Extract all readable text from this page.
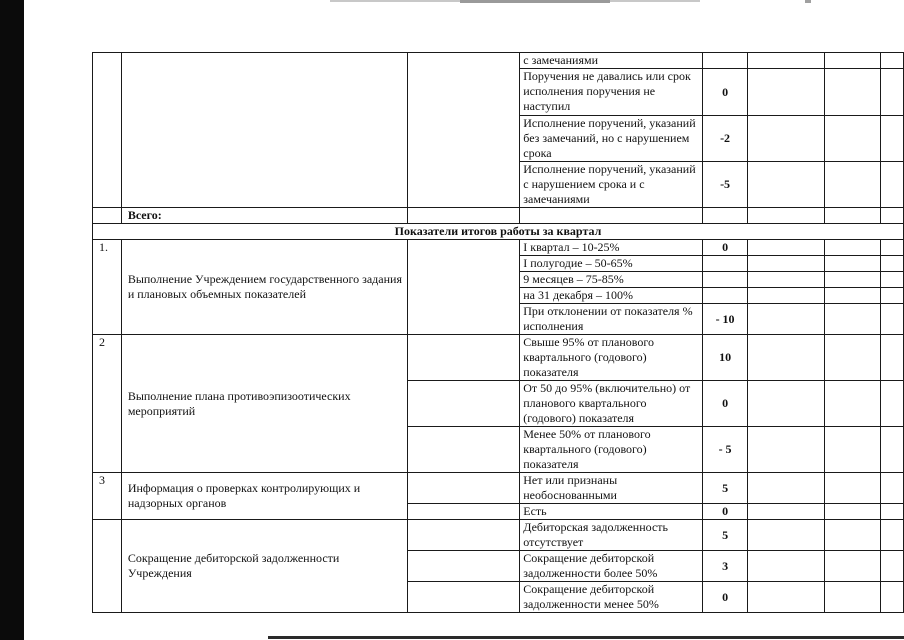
			с замечаниями				
			Поручения не давались или срок исполнения поручения не наступил	0			
			Исполнение поручений, указаний без замечаний, но с нарушением срока	-2			
			Исполнение поручений, указаний с нарушением срока и с замечаниями	-5			
	Всего:						
Показатели итогов работы за квартал							
1.	Выполнение Учреждением государственного задания и плановых объемных показателей		I квартал – 10-25%	0			
			I полугодие – 50-65%				
			9 месяцев – 75-85%				
			на 31 декабря – 100%				
			При отклонении от показателя % исполнения	- 10			
2	Выполнение плана противоэпизоотических мероприятий		Свыше 95% от планового квартального (годового) показателя	10			
			От 50 до 95% (включительно) от планового квартального (годового) показателя	0			
			Менее 50% от планового квартального (годового) показателя	- 5			
3	Информация о проверках контролирующих и надзорных органов		Нет или признаны необоснованными	5			
			Есть	0			
	Сокращение дебиторской задолженности Учреждения		Дебиторская задолженность отсутствует	5			
			Сокращение дебиторской задолженности более 50%	3			
			Сокращение дебиторской задолженности менее 50%	0			
